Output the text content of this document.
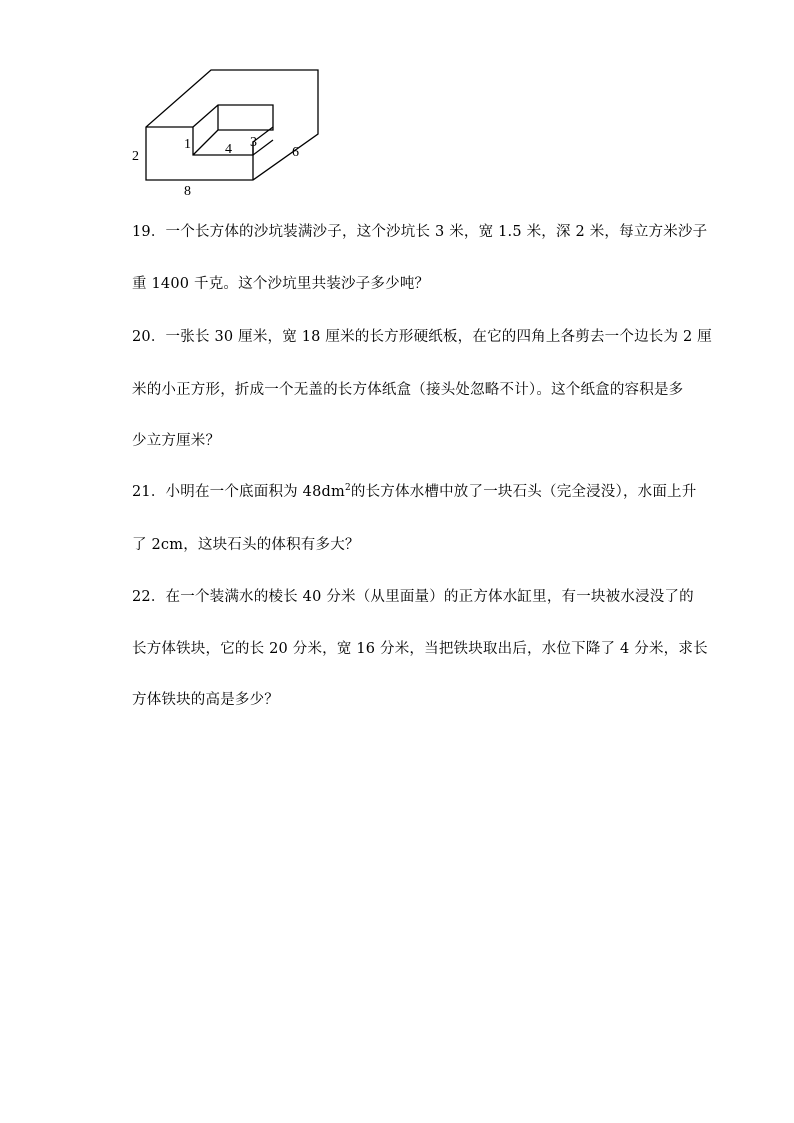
2
8
6
1 4 3
19．一个长方体的沙坑装满沙子，这个沙坑长 3 米，宽 1.5 米，深 2 米，每立方米沙子
重 1400 千克。这个沙坑里共装沙子多少吨？
20．一张长 30 厘米，宽 18 厘米的长方形硬纸板，在它的四角上各剪去一个边长为 2 厘
米的小正方形，折成一个无盖的长方体纸盒（接头处忽略不计）。这个纸盒的容积是多
少立方厘米？
21．小明在一个底面积为 $48dm^2$的长方体水槽中放了一块石头（完全浸没），水面上升
了 2cm，这块石头的体积有多大？
22．在一个装满水的棱长 40 分米（从里面量）的正方体水缸里，有一块被水浸没了的
长方体铁块，它的长 20 分米，宽 16 分米，当把铁块取出后，水位下降了 4 分米，求长
方体铁块的高是多少？
